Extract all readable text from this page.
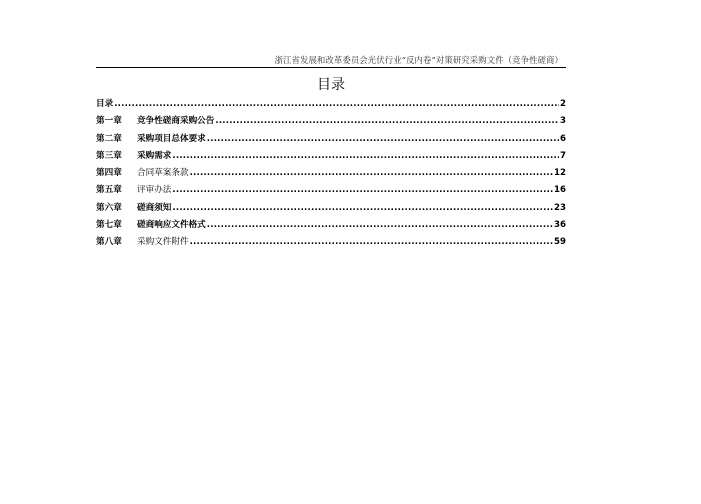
浙江省发展和改革委员会光伏行业“反内卷”对策研究采购文件（竞争性磋商）
目录
目录 .....	2
第一章	竞争性磋商采购公告 .....	3
第二章	采购项目总体要求 .....	6
第三章	采购需求 .....	7
第四章	合同草案条款 .....	12
第五章	评审办法 .....	16
第六章	磋商须知 .....	23
第七章	磋商响应文件格式 .....	36
第八章	采购文件附件 .....	59
